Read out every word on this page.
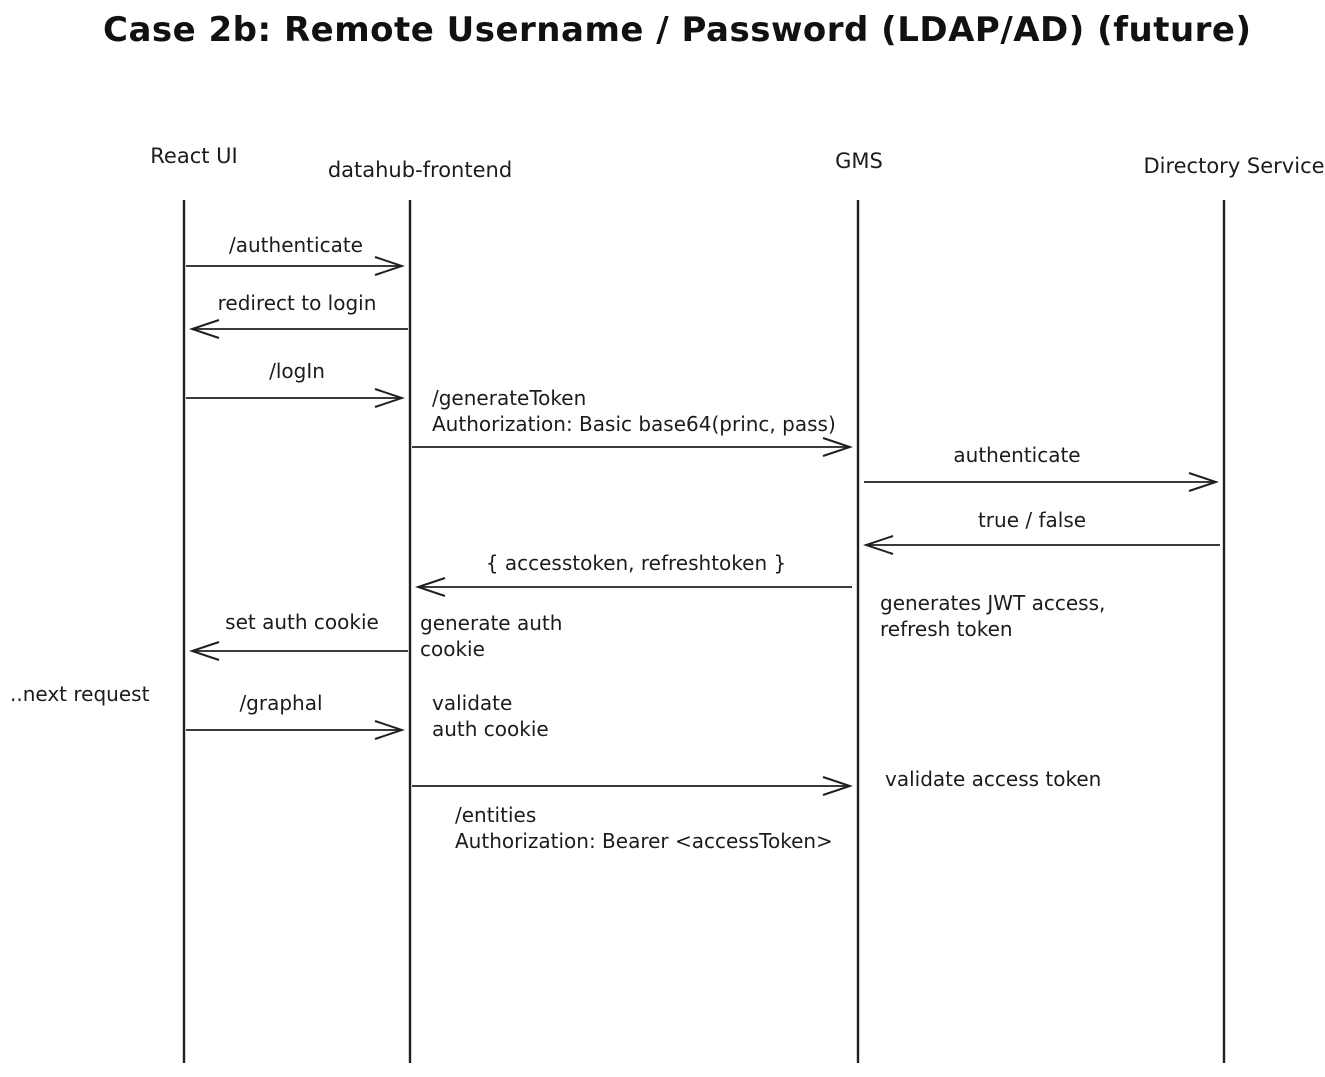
Case 2b: Remote Username / Password (LDAP/AD) (future)
React UI
datahub-frontend	GMS	Directory Service
/authenticate
redirect to login
/logIn
/generateToken
Authorization: Basic base64(princ, pass)
authenticate
true / false
{ accesstoken, refreshtoken }
set auth cookie
/graphal
generates JWT access,
refresh token
generate auth
cookie
..next request	validate
auth cookie
validate access token
/entities
Authorization: Bearer <accessToken>
